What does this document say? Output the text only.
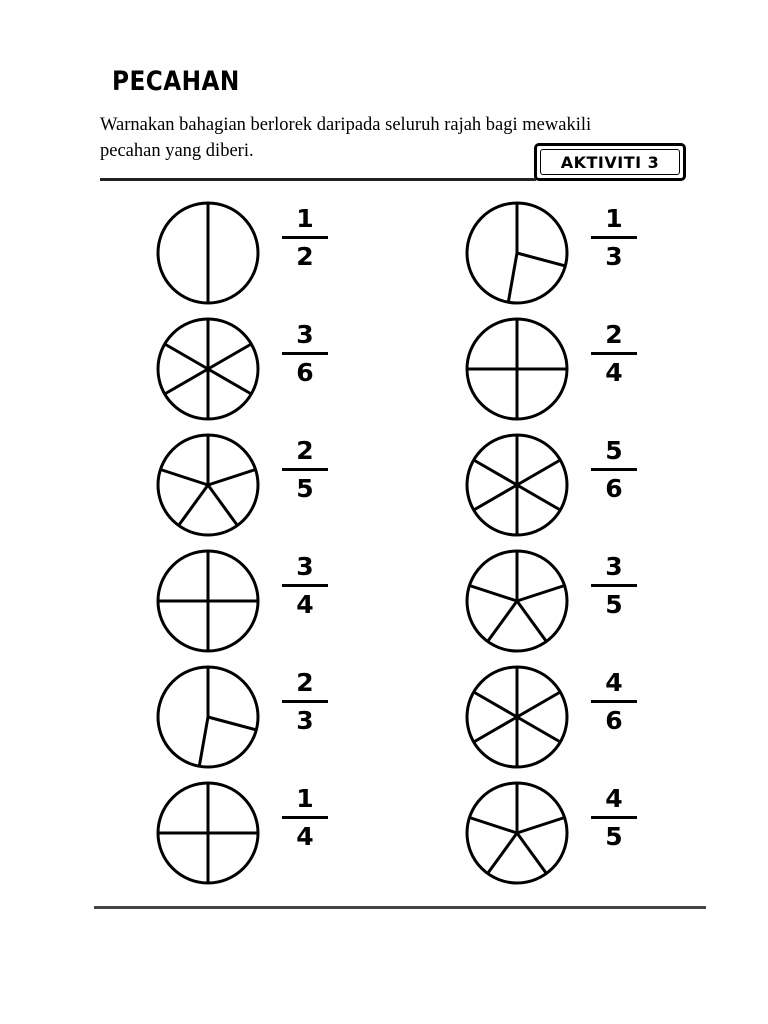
PECAHAN
Warnakan bahagian berlorek daripada seluruh rajah bagi mewakili
pecahan yang diberi.
AKTIVITI 3
1
2
1
3
3
6
2
4
2
5
5
6
3
4
3
5
2
3
4
6
1
4
4
5
